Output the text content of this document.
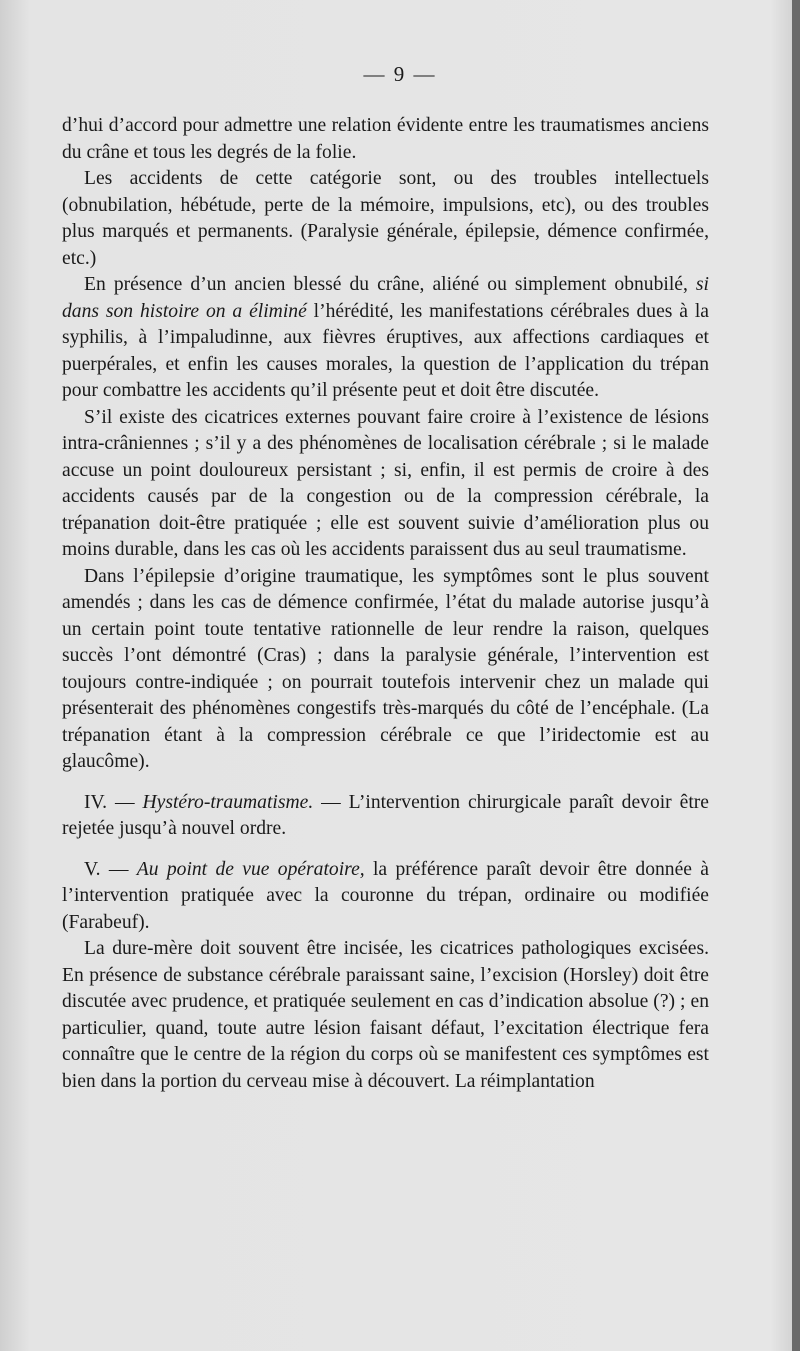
— 9 —

d’hui d’accord pour admettre une relation évidente entre les traumatismes anciens du crâne et tous les degrés de la folie.

Les accidents de cette catégorie sont, ou des troubles intellectuels (obnubilation, hébétude, perte de la mémoire, impulsions, etc), ou des troubles plus marqués et permanents. (Paralysie générale, épilepsie, démence confirmée, etc.)

En présence d’un ancien blessé du crâne, aliéné ou simplement obnubilé, si dans son histoire on a éliminé l’hérédité, les manifestations cérébrales dues à la syphilis, à l’impaludinne, aux fièvres éruptives, aux affections cardiaques et puerpérales, et enfin les causes morales, la question de l’application du trépan pour combattre les accidents qu’il présente peut et doit être discutée.

S’il existe des cicatrices externes pouvant faire croire à l’existence de lésions intra-crâniennes ; s’il y a des phénomènes de localisation cérébrale ; si le malade accuse un point douloureux persistant ; si, enfin, il est permis de croire à des accidents causés par de la congestion ou de la compression cérébrale, la trépanation doit-être pratiquée ; elle est souvent suivie d’amélioration plus ou moins durable, dans les cas où les accidents paraissent dus au seul traumatisme.

Dans l’épilepsie d’origine traumatique, les symptômes sont le plus souvent amendés ; dans les cas de démence confirmée, l’état du malade autorise jusqu’à un certain point toute tentative rationnelle de leur rendre la raison, quelques succès l’ont démontré (Cras) ; dans la paralysie générale, l’intervention est toujours contre-indiquée ; on pourrait toutefois intervenir chez un malade qui présenterait des phénomènes congestifs très-marqués du côté de l’encéphale. (La trépanation étant à la compression cérébrale ce que l’iridectomie est au glaucôme).

IV. — Hystéro-traumatisme. — L’intervention chirurgicale paraît devoir être rejetée jusqu’à nouvel ordre.

V. — Au point de vue opératoire, la préférence paraît devoir être donnée à l’intervention pratiquée avec la couronne du trépan, ordinaire ou modifiée (Farabeuf).

La dure-mère doit souvent être incisée, les cicatrices pathologiques excisées. En présence de substance cérébrale paraissant saine, l’excision (Horsley) doit être discutée avec prudence, et pratiquée seulement en cas d’indication absolue (?) ; en particulier, quand, toute autre lésion faisant défaut, l’excitation électrique fera connaître que le centre de la région du corps où se manifestent ces symptômes est bien dans la portion du cerveau mise à découvert. La réimplantation
